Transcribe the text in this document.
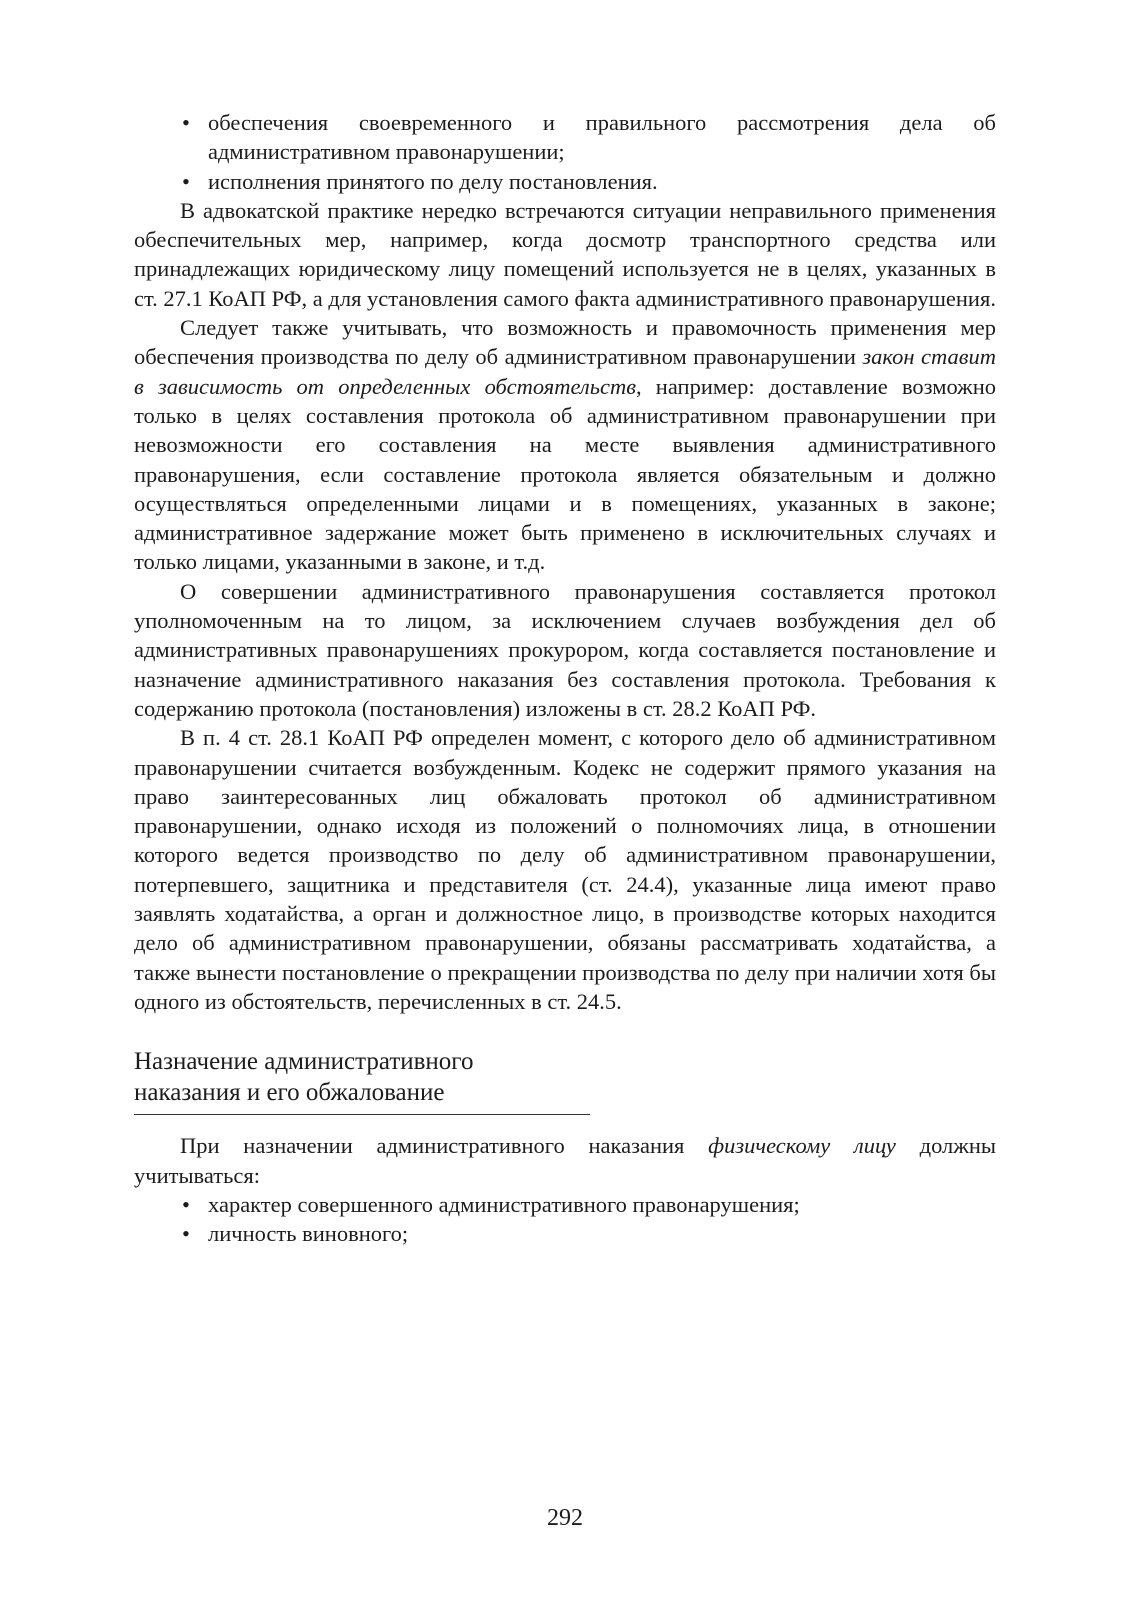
• обеспечения своевременного и правильного рассмотрения дела об административном правонарушении;
• исполнения принятого по делу постановления.

В адвокатской практике нередко встречаются ситуации неправильного применения обеспечительных мер, например, когда досмотр транспортного средства или принадлежащих юридическому лицу помещений используется не в целях, указанных в ст. 27.1 КоАП РФ, а для установления самого факта административного правонарушения.

Следует также учитывать, что возможность и правомочность применения мер обеспечения производства по делу об административном правонарушении закон ставит в зависимость от определенных обстоятельств, например: доставление возможно только в целях составления протокола об административном правонарушении при невозможности его составления на месте выявления административного правонарушения, если составление протокола является обязательным и должно осуществляться определенными лицами и в помещениях, указанных в законе; административное задержание может быть применено в исключительных случаях и только лицами, указанными в законе, и т.д.

О совершении административного правонарушения составляется протокол уполномоченным на то лицом, за исключением случаев возбуждения дел об административных правонарушениях прокурором, когда составляется постановление и назначение административного наказания без составления протокола. Требования к содержанию протокола (постановления) изложены в ст. 28.2 КоАП РФ.

В п. 4 ст. 28.1 КоАП РФ определен момент, с которого дело об административном правонарушении считается возбужденным. Кодекс не содержит прямого указания на право заинтересованных лиц обжаловать протокол об административном правонарушении, однако исходя из положений о полномочиях лица, в отношении которого ведется производство по делу об административном правонарушении, потерпевшего, защитника и представителя (ст. 24.4), указанные лица имеют право заявлять ходатайства, а орган и должностное лицо, в производстве которых находится дело об административном правонарушении, обязаны рассматривать ходатайства, а также вынести постановление о прекращении производства по делу при наличии хотя бы одного из обстоятельств, перечисленных в ст. 24.5.

Назначение административного
наказания и его обжалование

При назначении административного наказания физическому лицу должны учитываться:

• характер совершенного административного правонарушения;
• личность виновного;
292
